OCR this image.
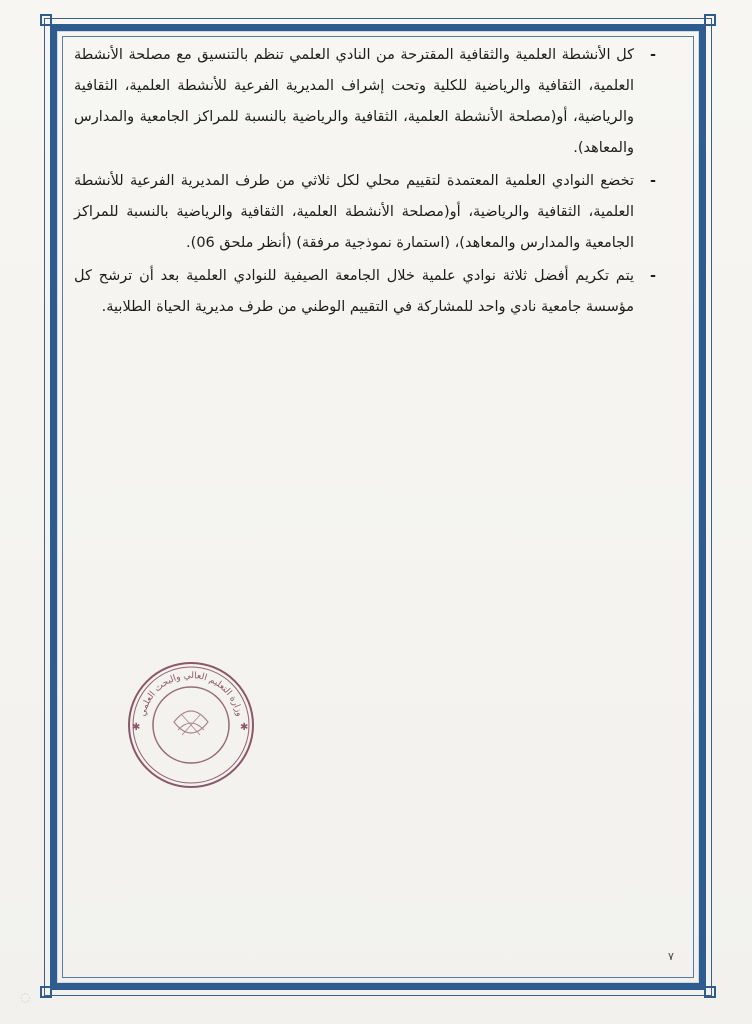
-

كل الأنشطة العلمية والثقافية المقترحة من النادي العلمي تنظم بالتنسيق مع مصلحة الأنشطة العلمية، الثقافية والرياضية للكلية وتحت إشراف المديرية الفرعية للأنشطة العلمية، الثقافية والرياضية، أو(مصلحة الأنشطة العلمية، الثقافية والرياضية بالنسبة للمراكز الجامعية والمدارس والمعاهد).

-

تخضع النوادي العلمية المعتمدة لتقييم محلي لكل ثلاثي من طرف المديرية الفرعية للأنشطة العلمية، الثقافية والرياضية، أو(مصلحة الأنشطة العلمية، الثقافية والرياضية بالنسبة للمراكز الجامعية والمدارس والمعاهد)، (استمارة نموذجية مرفقة) (أنظر ملحق 06).

-

يتم تكريم أفضل ثلاثة نوادي علمية خلال الجامعة الصيفية للنوادي العلمية بعد أن ترشح كل مؤسسة جامعية نادي واحد للمشاركة في التقييم الوطني من طرف مديرية الحياة الطلابية.

وزارة التعليم العالي والبحث العلمي
✱	✱
٧
◌
